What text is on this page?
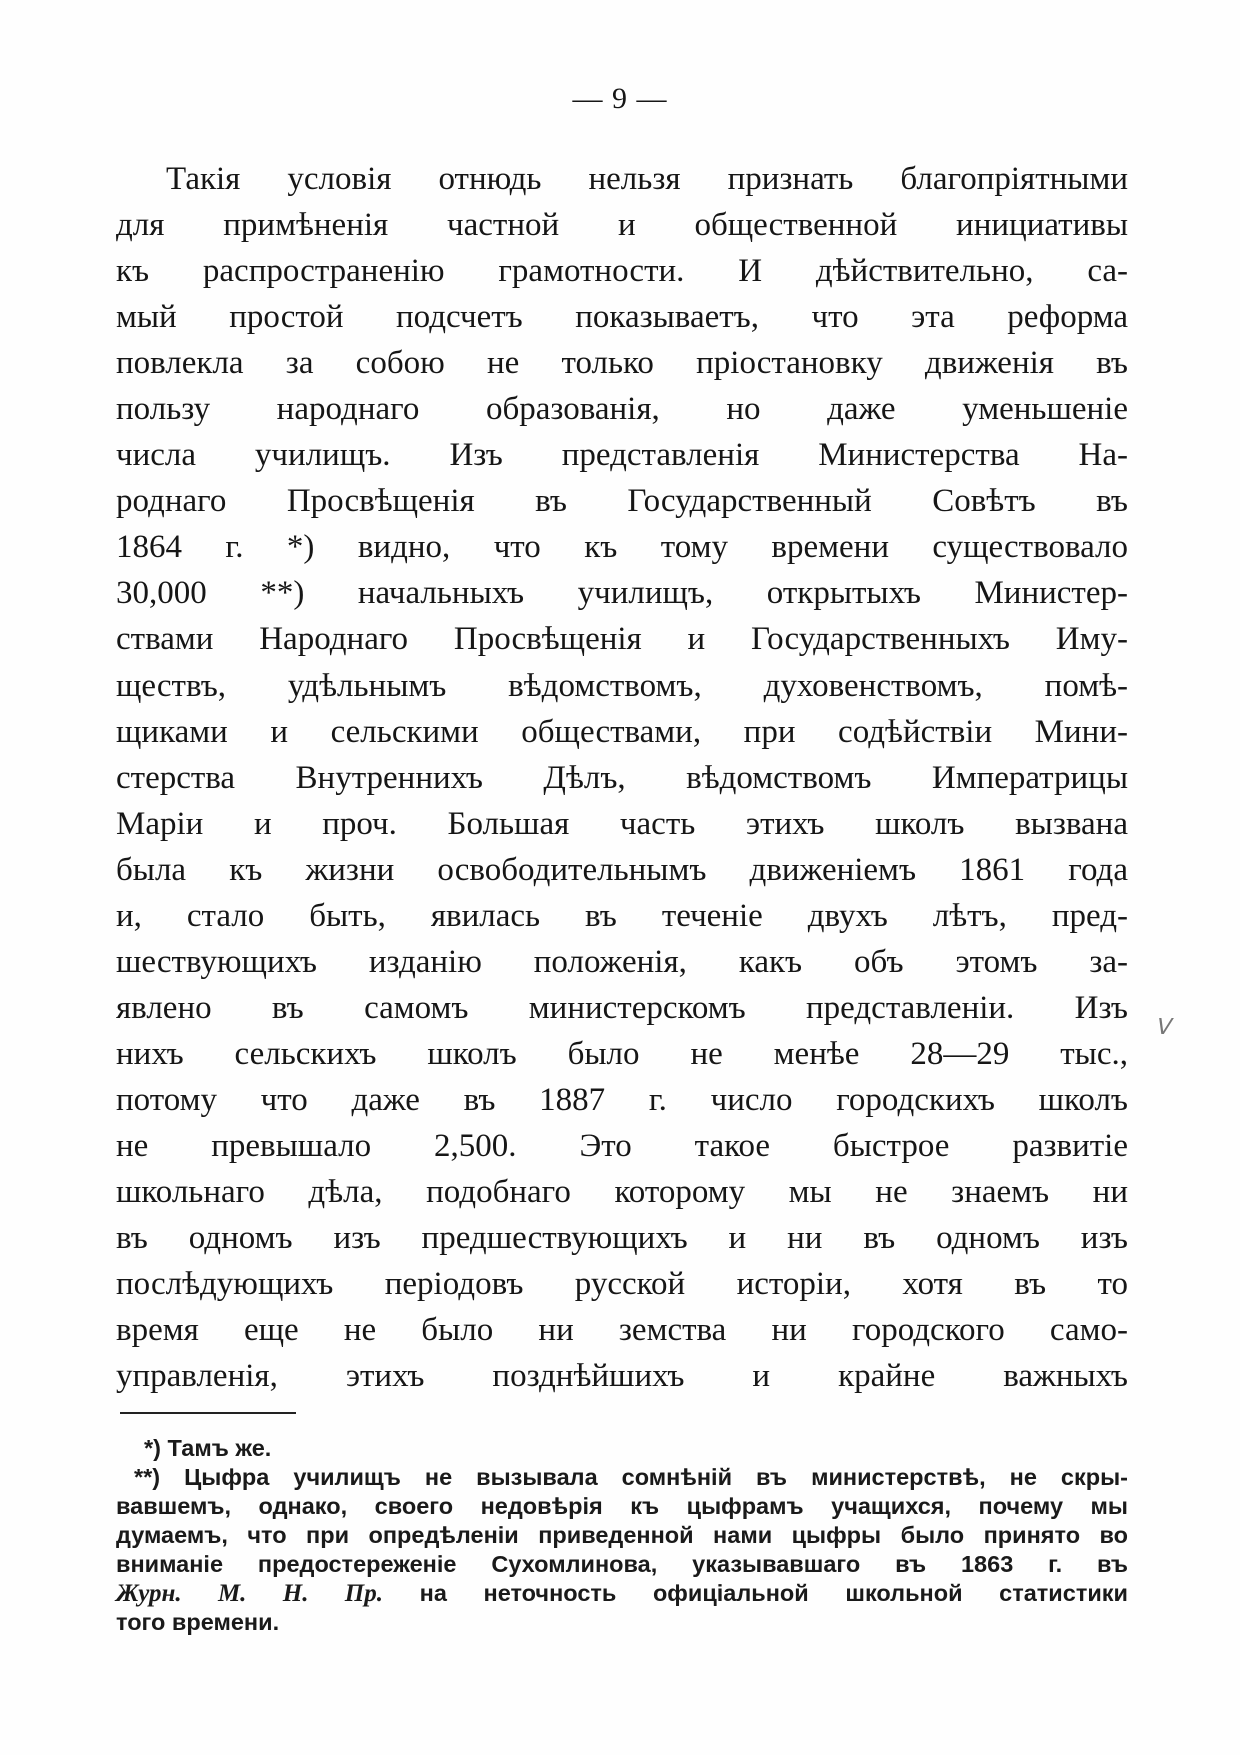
— 9 —
Такія условія отнюдь нельзя признать благопріятными
для примѣненія частной и общественной инициативы
къ распространенію грамотности. И дѣйствительно, са-
мый простой подсчетъ показываетъ, что эта реформа
повлекла за собою не только пріостановку движенія въ
пользу народнаго образованія, но даже уменьшеніе
числа училищъ. Изъ представленія Министерства На-
роднаго Просвѣщенія въ Государственный Совѣтъ въ
1864 г. *) видно, что къ тому времени существовало
30,000 **) начальныхъ училищъ, открытыхъ Министер-
ствами Народнаго Просвѣщенія и Государственныхъ Иму-
ществъ, удѣльнымъ вѣдомствомъ, духовенствомъ, помѣ-
щиками и сельскими обществами, при содѣйствіи Мини-
стерства Внутреннихъ Дѣлъ, вѣдомствомъ Императрицы
Маріи и проч. Большая часть этихъ школъ вызвана
была къ жизни освободительнымъ движеніемъ 1861 года
и, стало быть, явилась въ теченіе двухъ лѣтъ, пред-
шествующихъ изданію положенія, какъ объ этомъ за-
явлено въ самомъ министерскомъ представленіи. Изъ
нихъ сельскихъ школъ было не менѣе 28—29 тыс.,
потому что даже въ 1887 г. число городскихъ школъ
не превышало 2,500. Это такое быстрое развитіе
школьнаго дѣла, подобнаго которому мы не знаемъ ни
въ одномъ изъ предшествующихъ и ни въ одномъ изъ
послѣдующихъ періодовъ русской исторіи, хотя въ то
время еще не было ни земства ни городского само-
управленія, этихъ позднѣйшихъ и крайне важныхъ
*) Тамъ же.
**) Цыфра училищъ не вызывала сомнѣній въ министерствѣ, не скры-
вавшемъ, однако, своего недовѣрія къ цыфрамъ учащихся, почему мы
думаемъ, что при опредѣленіи приведенной нами цыфры было принято во
вниманіе предостереженіе Сухомлинова, указывавшаго въ 1863 г. въ
Журн. М. Н. Пр. на неточность офиціальной школьной статистики
того времени.
ᐯ
